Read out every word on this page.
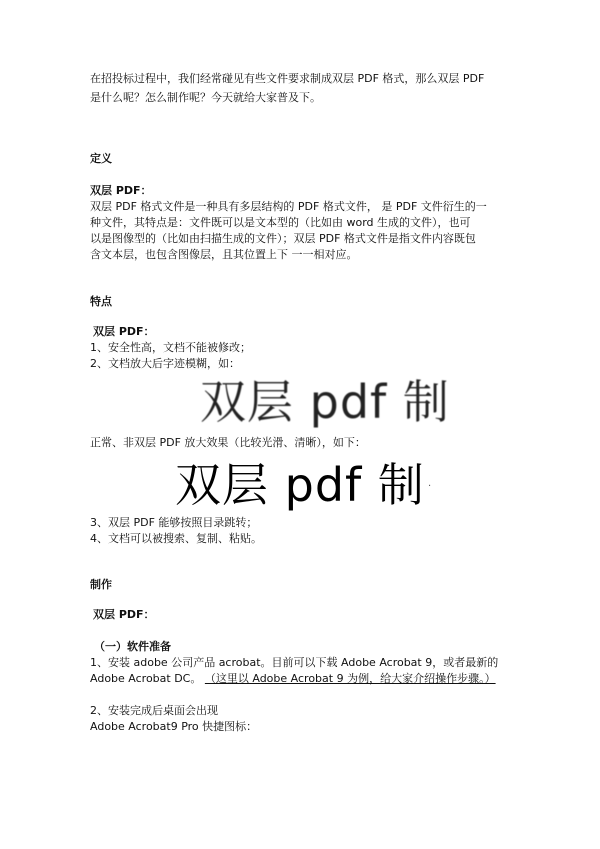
在招投标过程中，我们经常碰见有些文件要求制成双层 PDF 格式，那么双层 PDF
是什么呢？怎么制作呢？今天就给大家普及下。
定义
双层 PDF：
双层 PDF 格式文件是一种具有多层结构的 PDF 格式文件， 是 PDF 文件衍生的一
种文件，其特点是：文件既可以是文本型的（比如由 word 生成的文件），也可
以是图像型的（比如由扫描生成的文件）；双层 PDF 格式文件是指文件内容既包
含文本层，也包含图像层，且其位置上下 一一相对应。
特点
双层 PDF：
1、安全性高，文档不能被修改；
2、文档放大后字迹模糊，如：
双层 pdf 制
正常、非双层 PDF 放大效果（比较光滑、清晰），如下：
双层 pdf 制 ·
3、双层 PDF 能够按照目录跳转；
4、文档可以被搜索、复制、粘贴。
制作
双层 PDF：
（一）软件准备
1、安装 adobe 公司产品 acrobat。目前可以下载 Adobe Acrobat 9，或者最新的
Adobe Acrobat DC。 （这里以 Adobe Acrobat 9 为例，给大家介绍操作步骤。）
2、安装完成后桌面会出现
Adobe Acrobat9 Pro 快捷图标：
